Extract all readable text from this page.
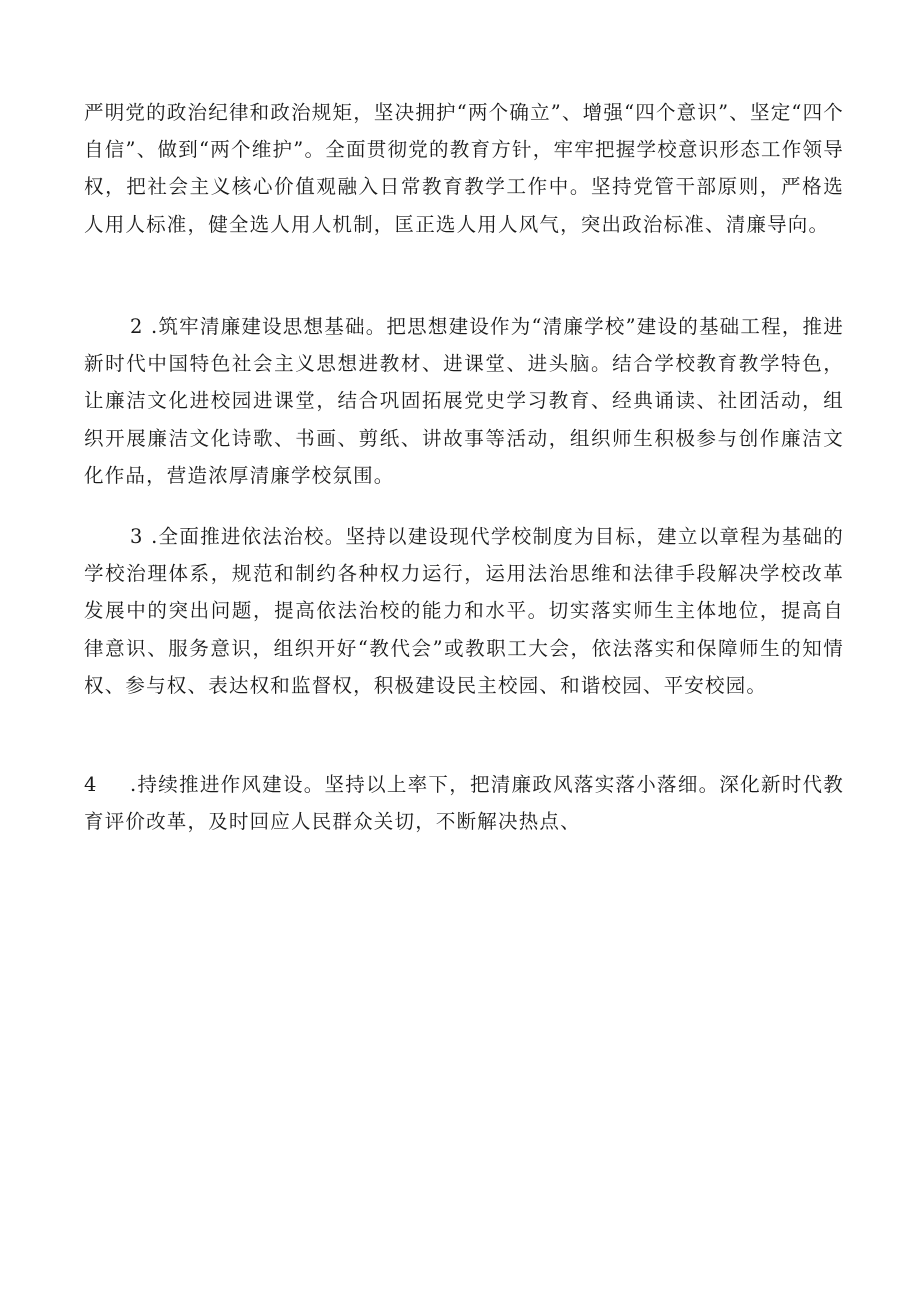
严明党的政治纪律和政治规矩，坚决拥护“两个确立”、增强“四个意识”、坚定“四个自信”、做到“两个维护”。全面贯彻党的教育方针，牢牢把握学校意识形态工作领导权，把社会主义核心价值观融入日常教育教学工作中。坚持党管干部原则，严格选人用人标准，健全选人用人机制，匡正选人用人风气，突出政治标准、清廉导向。

2 .筑牢清廉建设思想基础。把思想建设作为“清廉学校”建设的基础工程，推进新时代中国特色社会主义思想进教材、进课堂、进头脑。结合学校教育教学特色，让廉洁文化进校园进课堂，结合巩固拓展党史学习教育、经典诵读、社团活动，组织开展廉洁文化诗歌、书画、剪纸、讲故事等活动，组织师生积极参与创作廉洁文化作品，营造浓厚清廉学校氛围。

3 .全面推进依法治校。坚持以建设现代学校制度为目标，建立以章程为基础的学校治理体系，规范和制约各种权力运行，运用法治思维和法律手段解决学校改革发展中的突出问题，提高依法治校的能力和水平。切实落实师生主体地位，提高自律意识、服务意识，组织开好“教代会”或教职工大会，依法落实和保障师生的知情权、参与权、表达权和监督权，积极建设民主校园、和谐校园、平安校园。

4 .持续推进作风建设。坚持以上率下，把清廉政风落实落小落细。深化新时代教育评价改革，及时回应人民群众关切，不断解决热点、
